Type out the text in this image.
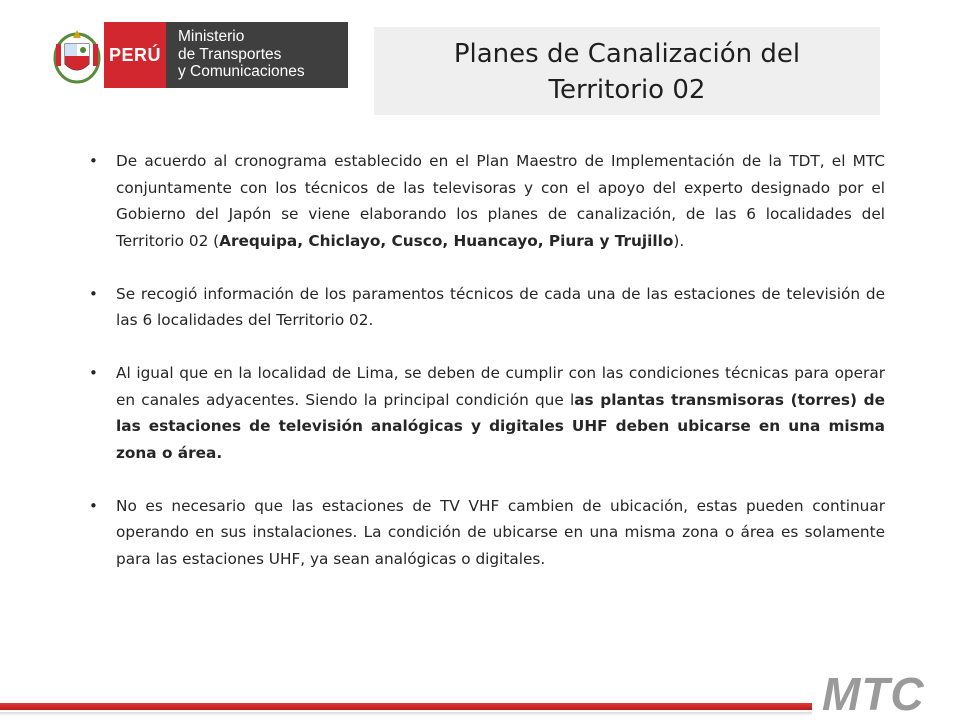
PERÚ
Ministerio
de Transportes
y Comunicaciones
Planes de Canalización del
Territorio 02
• De acuerdo al cronograma establecido en el Plan Maestro de Implementación de la TDT, el MTC conjuntamente con los técnicos de las televisoras y con el apoyo del experto designado por el Gobierno del Japón se viene elaborando los planes de canalización, de las 6 localidades del Territorio 02 (Arequipa, Chiclayo, Cusco, Huancayo, Piura y Trujillo).
• Se recogió información de los paramentos técnicos de cada una de las estaciones de televisión de las 6 localidades del Territorio 02.
• Al igual que en la localidad de Lima, se deben de cumplir con las condiciones técnicas para operar en canales adyacentes. Siendo la principal condición que las plantas transmisoras (torres) de las estaciones de televisión analógicas y digitales UHF deben ubicarse en una misma zona o área.
• No es necesario que las estaciones de TV VHF cambien de ubicación, estas pueden continuar operando en sus instalaciones. La condición de ubicarse en una misma zona o área es solamente para las estaciones UHF, ya sean analógicas o digitales.
MTC
